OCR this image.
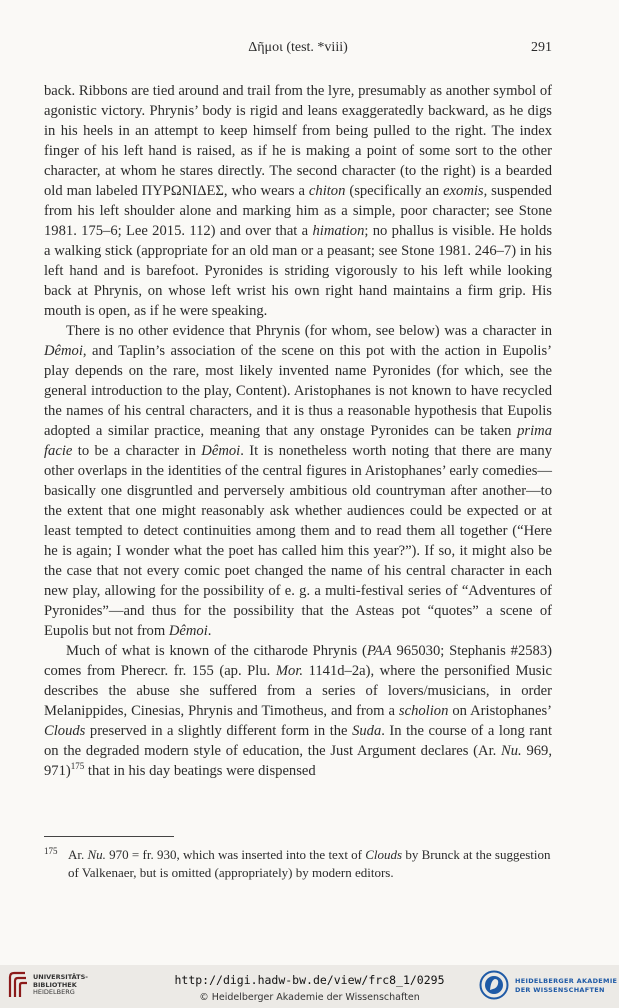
Δῆμοι (test. *viii)	291

back. Ribbons are tied around and trail from the lyre, presumably as another symbol of agonistic victory. Phrynis’ body is rigid and leans exaggeratedly backward, as he digs in his heels in an attempt to keep himself from being pulled to the right. The index finger of his left hand is raised, as if he is making a point of some sort to the other character, at whom he stares directly. The second character (to the right) is a bearded old man labeled ΠΥΡΩΝΙΔΕΣ, who wears a chiton (specifically an exomis, suspended from his left shoulder alone and marking him as a simple, poor character; see Stone 1981. 175–6; Lee 2015. 112) and over that a himation; no phallus is visible. He holds a walking stick (appropriate for an old man or a peasant; see Stone 1981. 246–7) in his left hand and is barefoot. Pyronides is striding vigorously to his left while looking back at Phrynis, on whose left wrist his own right hand maintains a firm grip. His mouth is open, as if he were speaking.

There is no other evidence that Phrynis (for whom, see below) was a character in Dêmoi, and Taplin’s association of the scene on this pot with the action in Eupolis’ play depends on the rare, most likely invented name Pyronides (for which, see the general introduction to the play, Content). Aristophanes is not known to have recycled the names of his central characters, and it is thus a reasonable hypothesis that Eupolis adopted a similar practice, meaning that any onstage Pyronides can be taken prima facie to be a character in Dêmoi. It is nonetheless worth noting that there are many other overlaps in the identities of the central figures in Aristophanes’ early comedies—basically one disgruntled and perversely ambitious old countryman after another—to the extent that one might reasonably ask whether audiences could be expected or at least tempted to detect continuities among them and to read them all together (“Here he is again; I wonder what the poet has called him this year?”). If so, it might also be the case that not every comic poet changed the name of his central character in each new play, allowing for the possibility of e. g. a multi-festival series of “Adventures of Pyronides”—and thus for the possibility that the Asteas pot “quotes” a scene of Eupolis but not from Dêmoi.

Much of what is known of the citharode Phrynis (PAA 965030; Stephanis #2583) comes from Pherecr. fr. 155 (ap. Plu. Mor. 1141d–2a), where the personified Music describes the abuse she suffered from a series of lovers/musicians, in order Melanippides, Cinesias, Phrynis and Timotheus, and from a scholion on Aristophanes’ Clouds preserved in a slightly different form in the Suda. In the course of a long rant on the degraded modern style of education, the Just Argument declares (Ar. Nu. 969, 971)$^{175}$ that in his day beatings were dispensed

175 Ar. Nu. 970 = fr. 930, which was inserted into the text of Clouds by Brunck at the suggestion of Valkenaer, but is omitted (appropriately) by modern editors.
UNIVERSITÄTS-
BIBLIOTHEK
HEIDELBERG
http://digi.hadw-bw.de/view/frc8_1/0295
© Heidelberger Akademie der Wissenschaften
HEIDELBERGER AKADEMIE
DER WISSENSCHAFTEN
